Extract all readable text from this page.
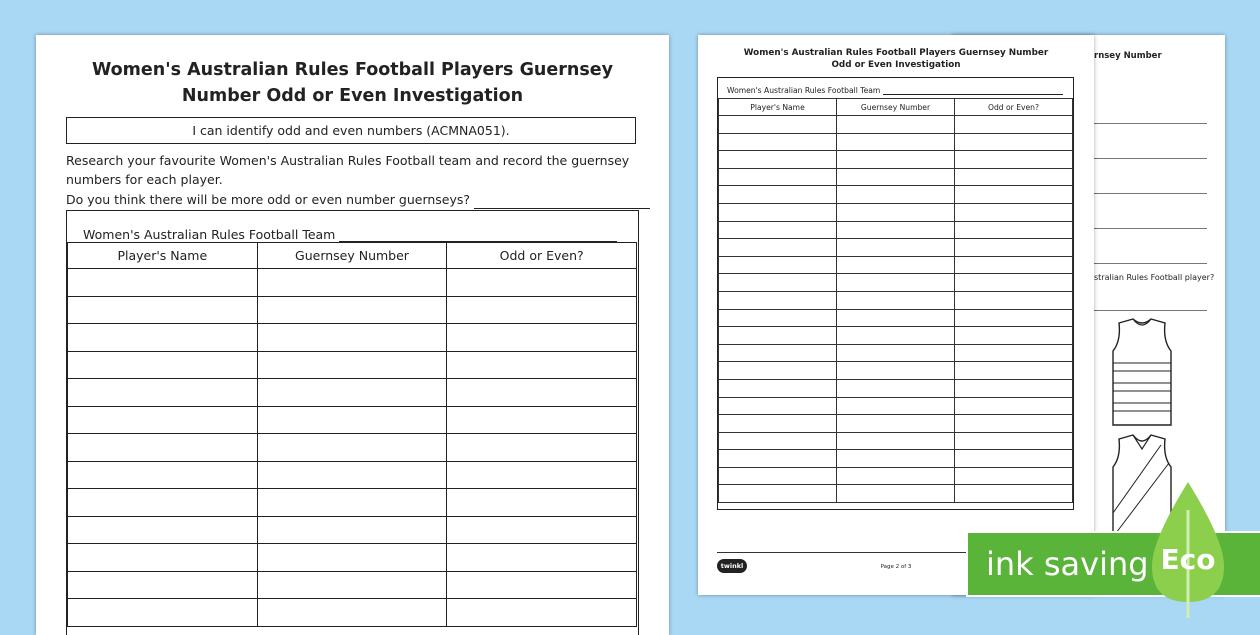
rnsey Number
stralian Rules Football player?
Women's Australian Rules Football Players Guernsey Number
Odd or Even Investigation
Women's Australian Rules Football Team
Player's Name	Guernsey Number	Odd or Even?

twinkl	Page 2 of 3
Women's Australian Rules Football Players Guernsey
Number Odd or Even Investigation
I can identify odd and even numbers (ACMNA051).
Research your favourite Women's Australian Rules Football team and record the guernsey numbers for each player.
Do you think there will be more odd or even number guernseys?
Women's Australian Rules Football Team
Player's Name	Guernsey Number	Odd or Even?

ink saving Eco
